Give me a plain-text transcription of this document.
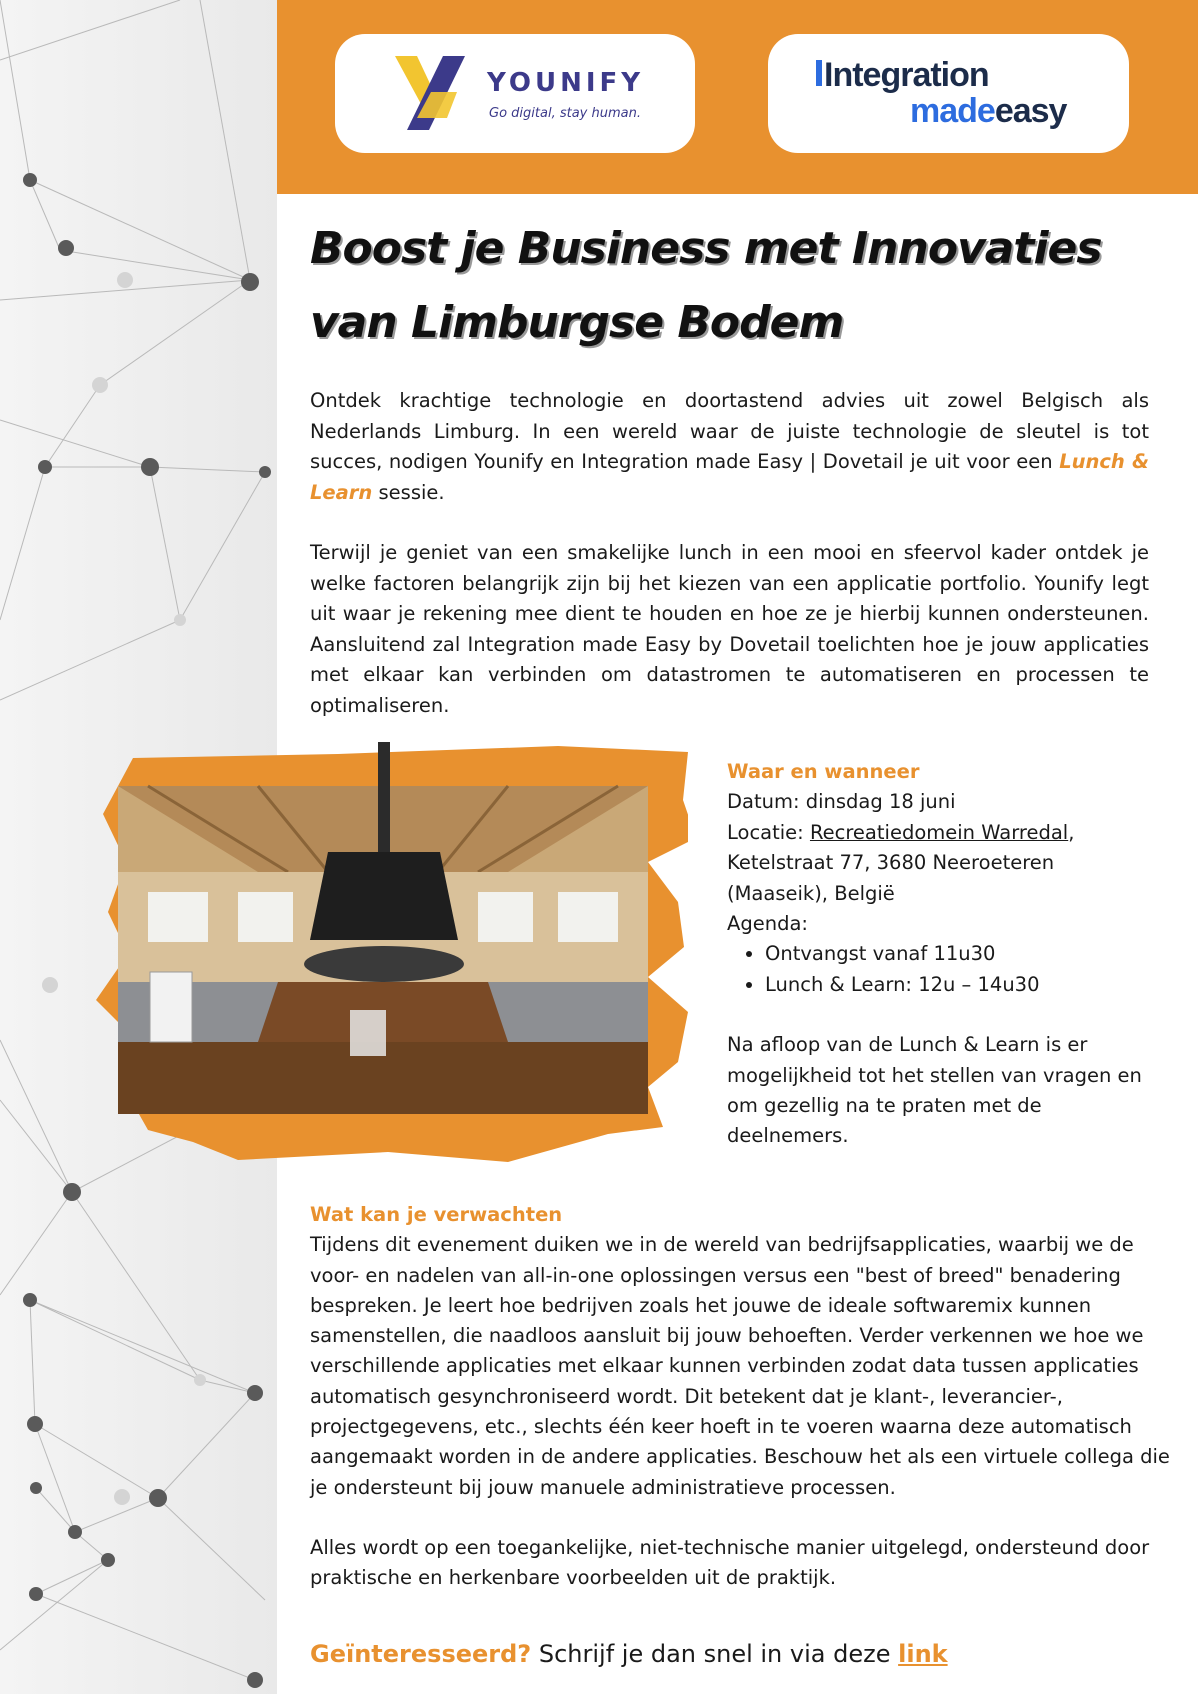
YOUNIFY
Go digital, stay human.
Integration
madeeasy
Boost je Business met Innovaties
van Limburgse Bodem

Ontdek krachtige technologie en doortastend advies uit zowel Belgisch als Nederlands Limburg. In een wereld waar de juiste technologie de sleutel is tot succes, nodigen Younify en Integration made Easy | Dovetail je uit voor een Lunch & Learn sessie.

Terwijl je geniet van een smakelijke lunch in een mooi en sfeervol kader ontdek je welke factoren belangrijk zijn bij het kiezen van een applicatie portfolio. Younify legt uit waar je rekening mee dient te houden en hoe ze je hierbij kunnen ondersteunen. Aansluitend zal Integration made Easy by Dovetail toelichten hoe je jouw applicaties met elkaar kan verbinden om datastromen te automatiseren en processen te optimaliseren.

Waar en wanneer
Datum: dinsdag 18 juni
Locatie: Recreatiedomein Warredal,
Ketelstraat 77, 3680 Neeroeteren
(Maaseik), België
Agenda:
• Ontvangst vanaf 11u30
• Lunch & Learn: 12u – 14u30
Na afloop van de Lunch & Learn is er mogelijkheid tot het stellen van vragen en om gezellig na te praten met de deelnemers.
Wat kan je verwachten

Tijdens dit evenement duiken we in de wereld van bedrijfsapplicaties, waarbij we de voor- en nadelen van all-in-one oplossingen versus een "best of breed" benadering bespreken. Je leert hoe bedrijven zoals het jouwe de ideale softwaremix kunnen samenstellen, die naadloos aansluit bij jouw behoeften. Verder verkennen we hoe we verschillende applicaties met elkaar kunnen verbinden zodat data tussen applicaties automatisch gesynchroniseerd wordt. Dit betekent dat je klant-, leverancier-, projectgegevens, etc., slechts één keer hoeft in te voeren waarna deze automatisch aangemaakt worden in de andere applicaties. Beschouw het als een virtuele collega die je ondersteunt bij jouw manuele administratieve processen.

Alles wordt op een toegankelijke, niet-technische manier uitgelegd, ondersteund door praktische en herkenbare voorbeelden uit de praktijk.

Geïnteresseerd? Schrijf je dan snel in via deze link
